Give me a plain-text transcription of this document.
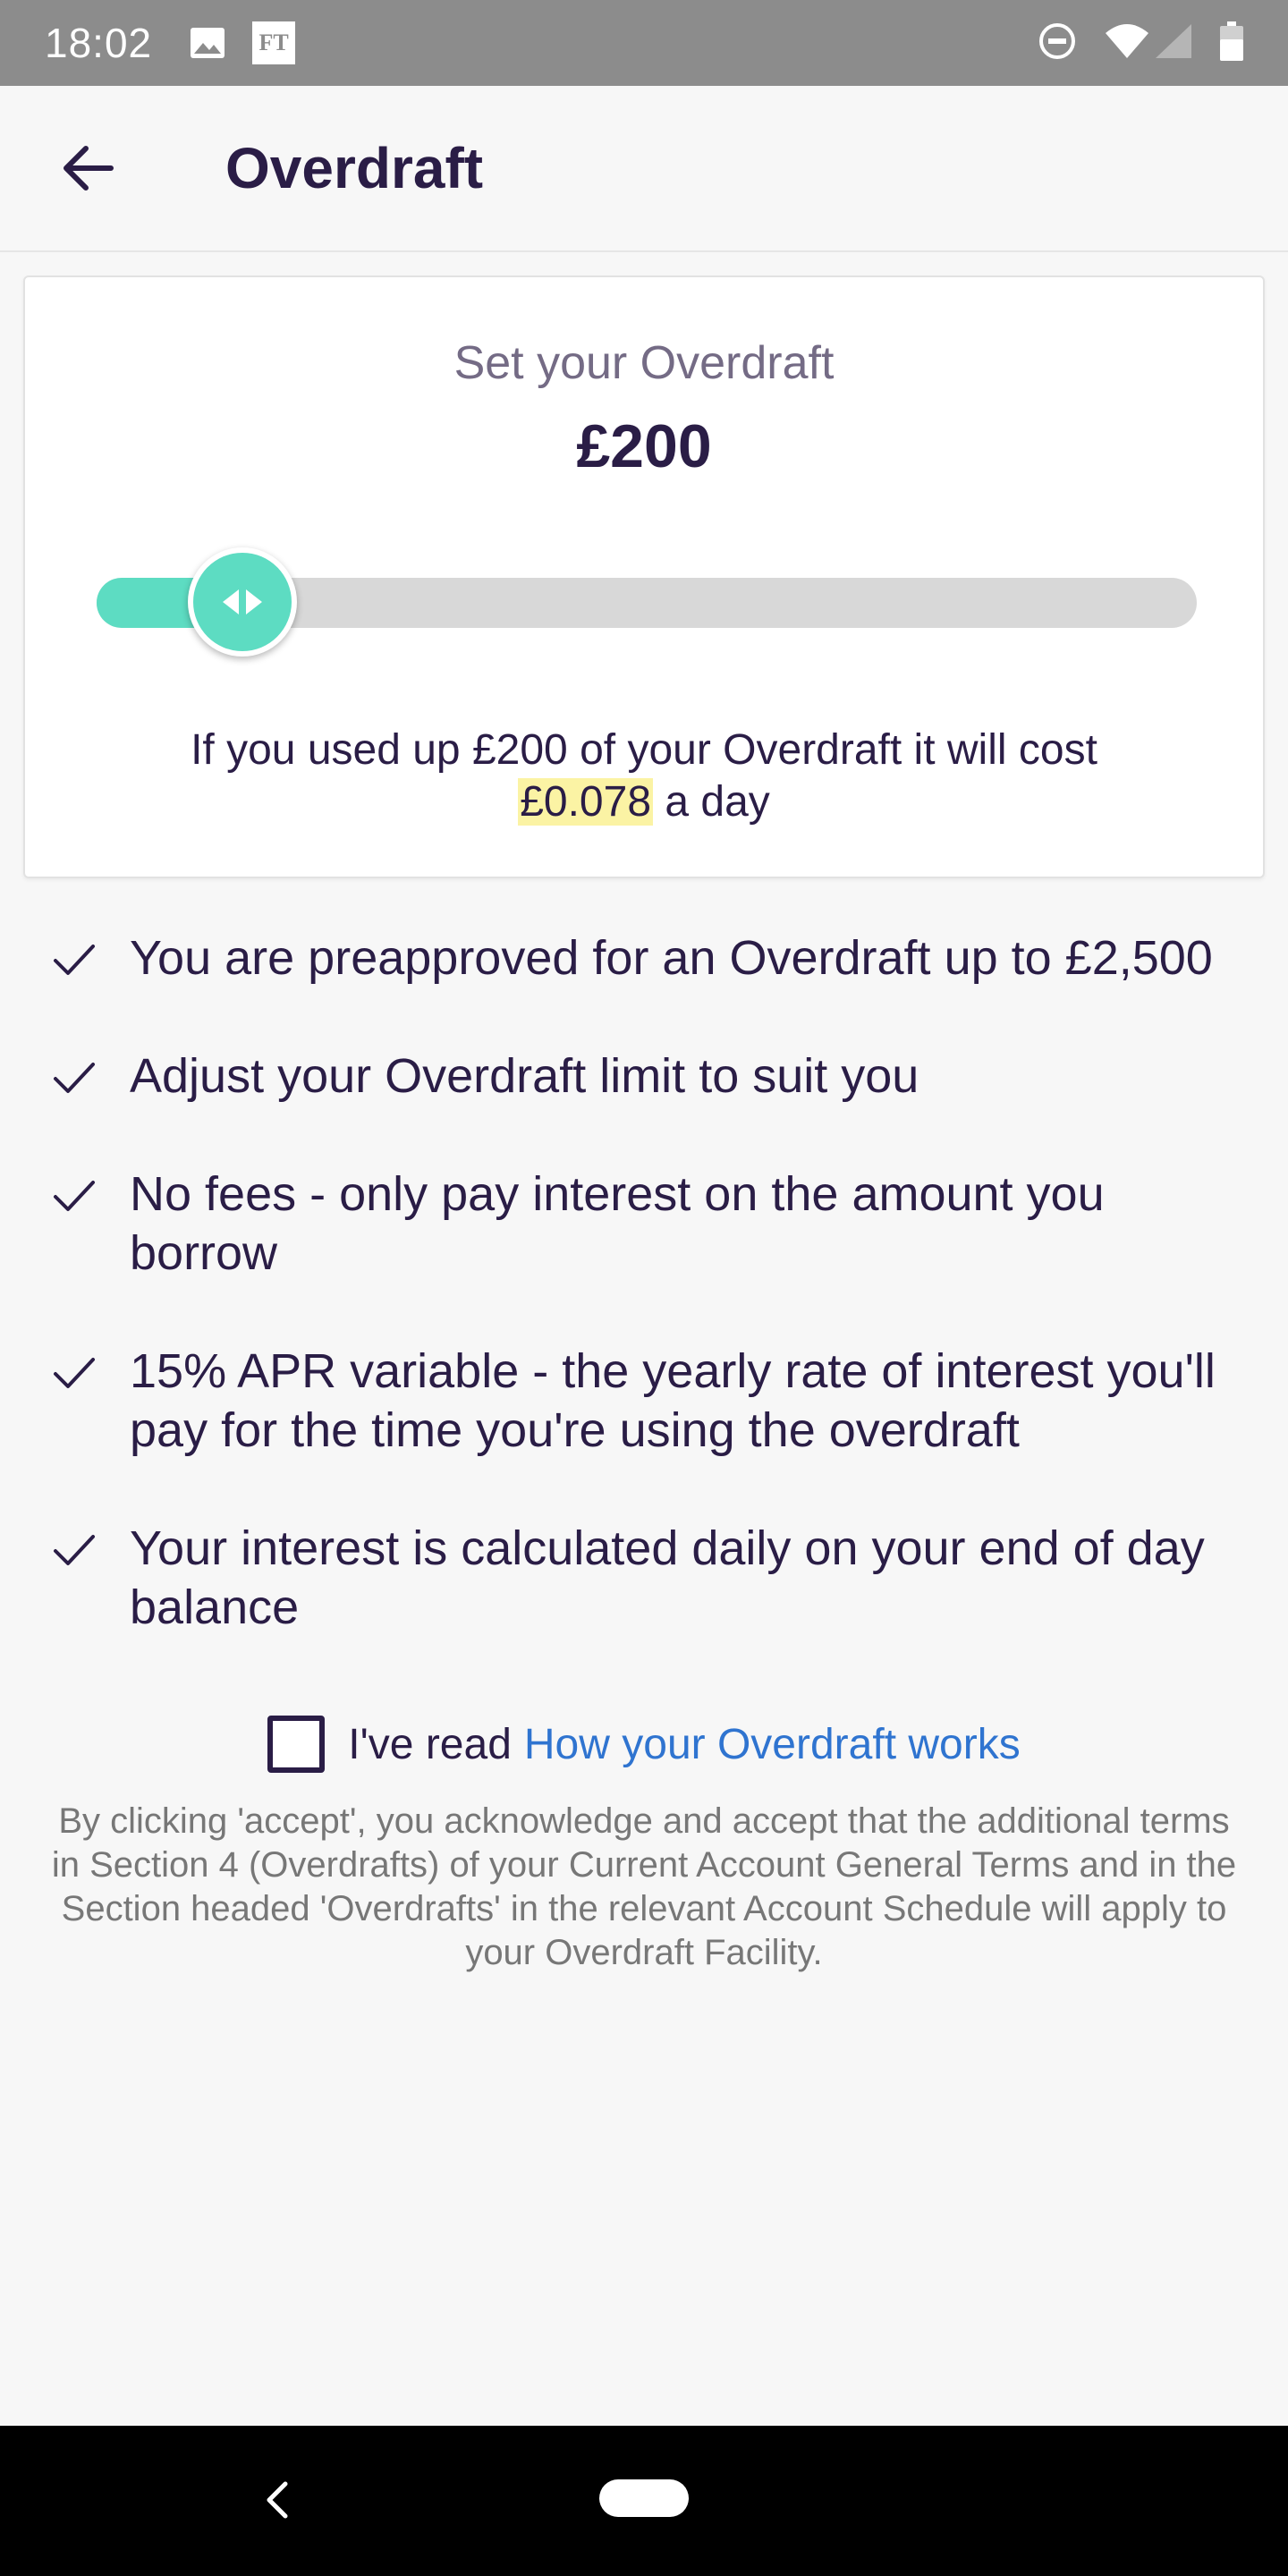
18:02	FT
Overdraft
Set your Overdraft
£200
If you used up £200 of your Overdraft it will cost
£0.078 a day
You are preapproved for an Overdraft up to £2,500
Adjust your Overdraft limit to suit you
No fees - only pay interest on the amount you borrow
15% APR variable - the yearly rate of interest you'll pay for the time you're using the overdraft
Your interest is calculated daily on your end of day balance
I've read How your Overdraft works
By clicking 'accept', you acknowledge and accept that the additional terms in Section 4 (Overdrafts) of your Current Account General Terms and in the Section headed 'Overdrafts' in the relevant Account Schedule will apply to your Overdraft Facility.
